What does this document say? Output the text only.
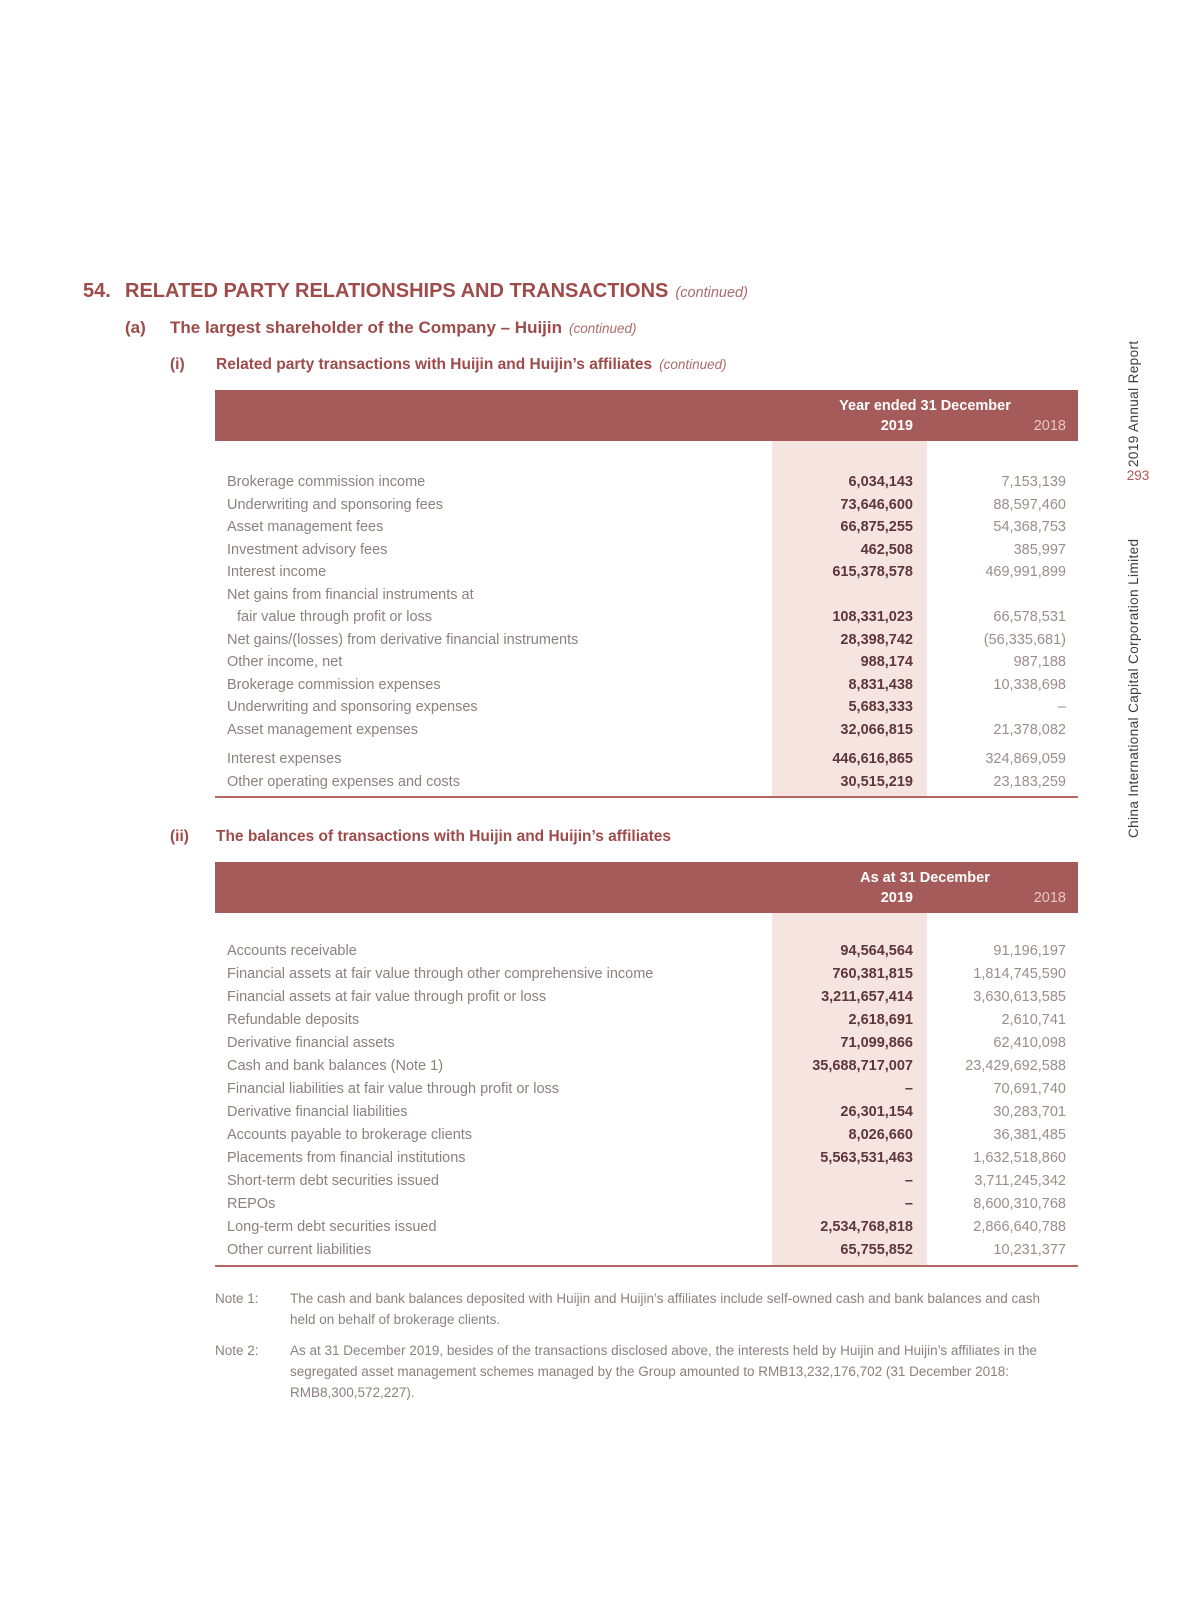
54. RELATED PARTY RELATIONSHIPS AND TRANSACTIONS (continued)
(a)	The largest shareholder of the Company – Huijin (continued)
(i)	Related party transactions with Huijin and Huijin’s affiliates (continued)
Year ended 31 December
2019	2018
Brokerage commission income	6,034,143	7,153,139
Underwriting and sponsoring fees	73,646,600	88,597,460
Asset management fees	66,875,255	54,368,753
Investment advisory fees	462,508	385,997
Interest income	615,378,578	469,991,899
Net gains from financial instruments at
fair value through profit or loss	108,331,023	66,578,531
Net gains/(losses) from derivative financial instruments	28,398,742	(56,335,681)
Other income, net	988,174	987,188
Brokerage commission expenses	8,831,438	10,338,698
Underwriting and sponsoring expenses	5,683,333	–
Asset management expenses	32,066,815	21,378,082
Interest expenses	446,616,865	324,869,059
Other operating expenses and costs	30,515,219	23,183,259
(ii)	The balances of transactions with Huijin and Huijin’s affiliates
As at 31 December
2019	2018
Accounts receivable	94,564,564	91,196,197
Financial assets at fair value through other comprehensive income	760,381,815	1,814,745,590
Financial assets at fair value through profit or loss	3,211,657,414	3,630,613,585
Refundable deposits	2,618,691	2,610,741
Derivative financial assets	71,099,866	62,410,098
Cash and bank balances (Note 1)	35,688,717,007	23,429,692,588
Financial liabilities at fair value through profit or loss	–	70,691,740
Derivative financial liabilities	26,301,154	30,283,701
Accounts payable to brokerage clients	8,026,660	36,381,485
Placements from financial institutions	5,563,531,463	1,632,518,860
Short-term debt securities issued	–	3,711,245,342
REPOs	–	8,600,310,768
Long-term debt securities issued	2,534,768,818	2,866,640,788
Other current liabilities	65,755,852	10,231,377
Note 1:	The cash and bank balances deposited with Huijin and Huijin’s affiliates include self-owned cash and bank balances and cash held on behalf of brokerage clients.
Note 2:	As at 31 December 2019, besides of the transactions disclosed above, the interests held by Huijin and Huijin’s affiliates in the segregated asset management schemes managed by the Group amounted to RMB13,232,176,702 (31 December 2018: RMB8,300,572,227).
2019 Annual Report
293
China International Capital Corporation Limited
